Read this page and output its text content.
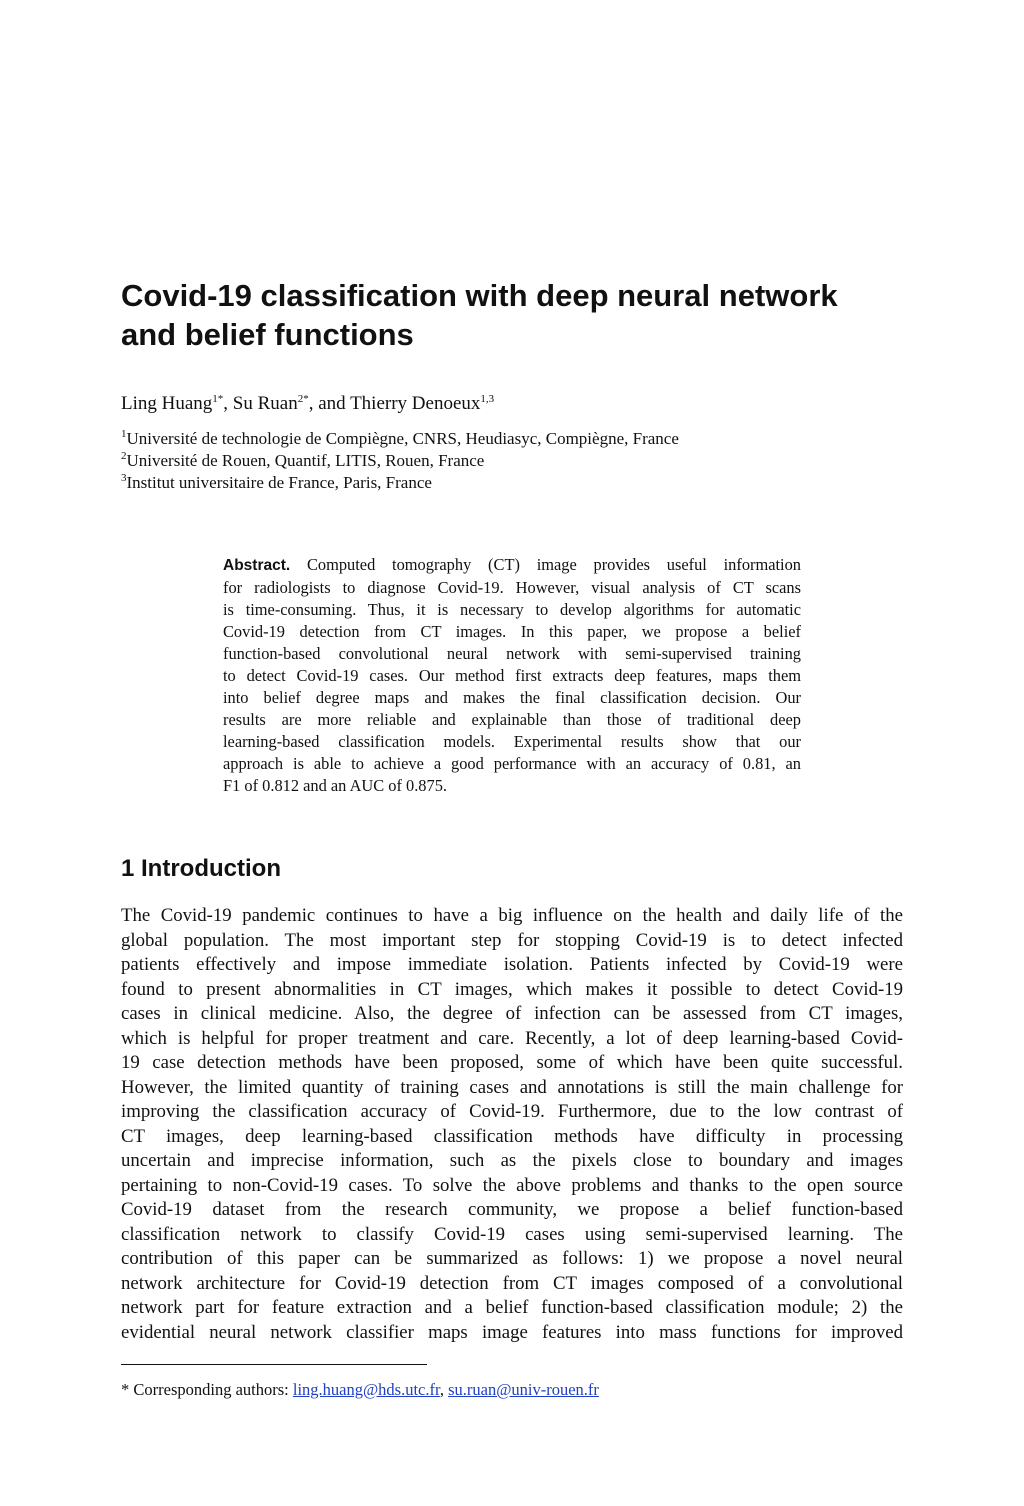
Covid-19 classification with deep neural network
and belief functions
Ling Huang$^{1*}$, Su Ruan$^{2*}$, and Thierry Denoeux$^{1,3}$
$^1$Université de technologie de Compiègne, CNRS, Heudiasyc, Compiègne, France
$^2$Université de Rouen, Quantif, LITIS, Rouen, France
$^3$Institut universitaire de France, Paris, France
Abstract. Computed tomography (CT) image provides useful information
for radiologists to diagnose Covid-19. However, visual analysis of CT scans
is time-consuming. Thus, it is necessary to develop algorithms for automatic
Covid-19 detection from CT images. In this paper, we propose a belief
function-based convolutional neural network with semi-supervised training
to detect Covid-19 cases. Our method first extracts deep features, maps them
into belief degree maps and makes the final classification decision. Our
results are more reliable and explainable than those of traditional deep
learning-based classification models. Experimental results show that our
approach is able to achieve a good performance with an accuracy of 0.81, an
F1 of 0.812 and an AUC of 0.875.
1 Introduction
The Covid-19 pandemic continues to have a big influence on the health and daily life of the
global population. The most important step for stopping Covid-19 is to detect infected
patients effectively and impose immediate isolation. Patients infected by Covid-19 were
found to present abnormalities in CT images, which makes it possible to detect Covid-19
cases in clinical medicine. Also, the degree of infection can be assessed from CT images,
which is helpful for proper treatment and care. Recently, a lot of deep learning-based Covid-
19 case detection methods have been proposed, some of which have been quite successful.
However, the limited quantity of training cases and annotations is still the main challenge for
improving the classification accuracy of Covid-19. Furthermore, due to the low contrast of
CT images, deep learning-based classification methods have difficulty in processing
uncertain and imprecise information, such as the pixels close to boundary and images
pertaining to non-Covid-19 cases. To solve the above problems and thanks to the open source
Covid-19 dataset from the research community, we propose a belief function-based
classification network to classify Covid-19 cases using semi-supervised learning. The
contribution of this paper can be summarized as follows: 1) we propose a novel neural
network architecture for Covid-19 detection from CT images composed of a convolutional
network part for feature extraction and a belief function-based classification module; 2) the
evidential neural network classifier maps image features into mass functions for improved
* Corresponding authors: ling.huang@hds.utc.fr, su.ruan@univ-rouen.fr
